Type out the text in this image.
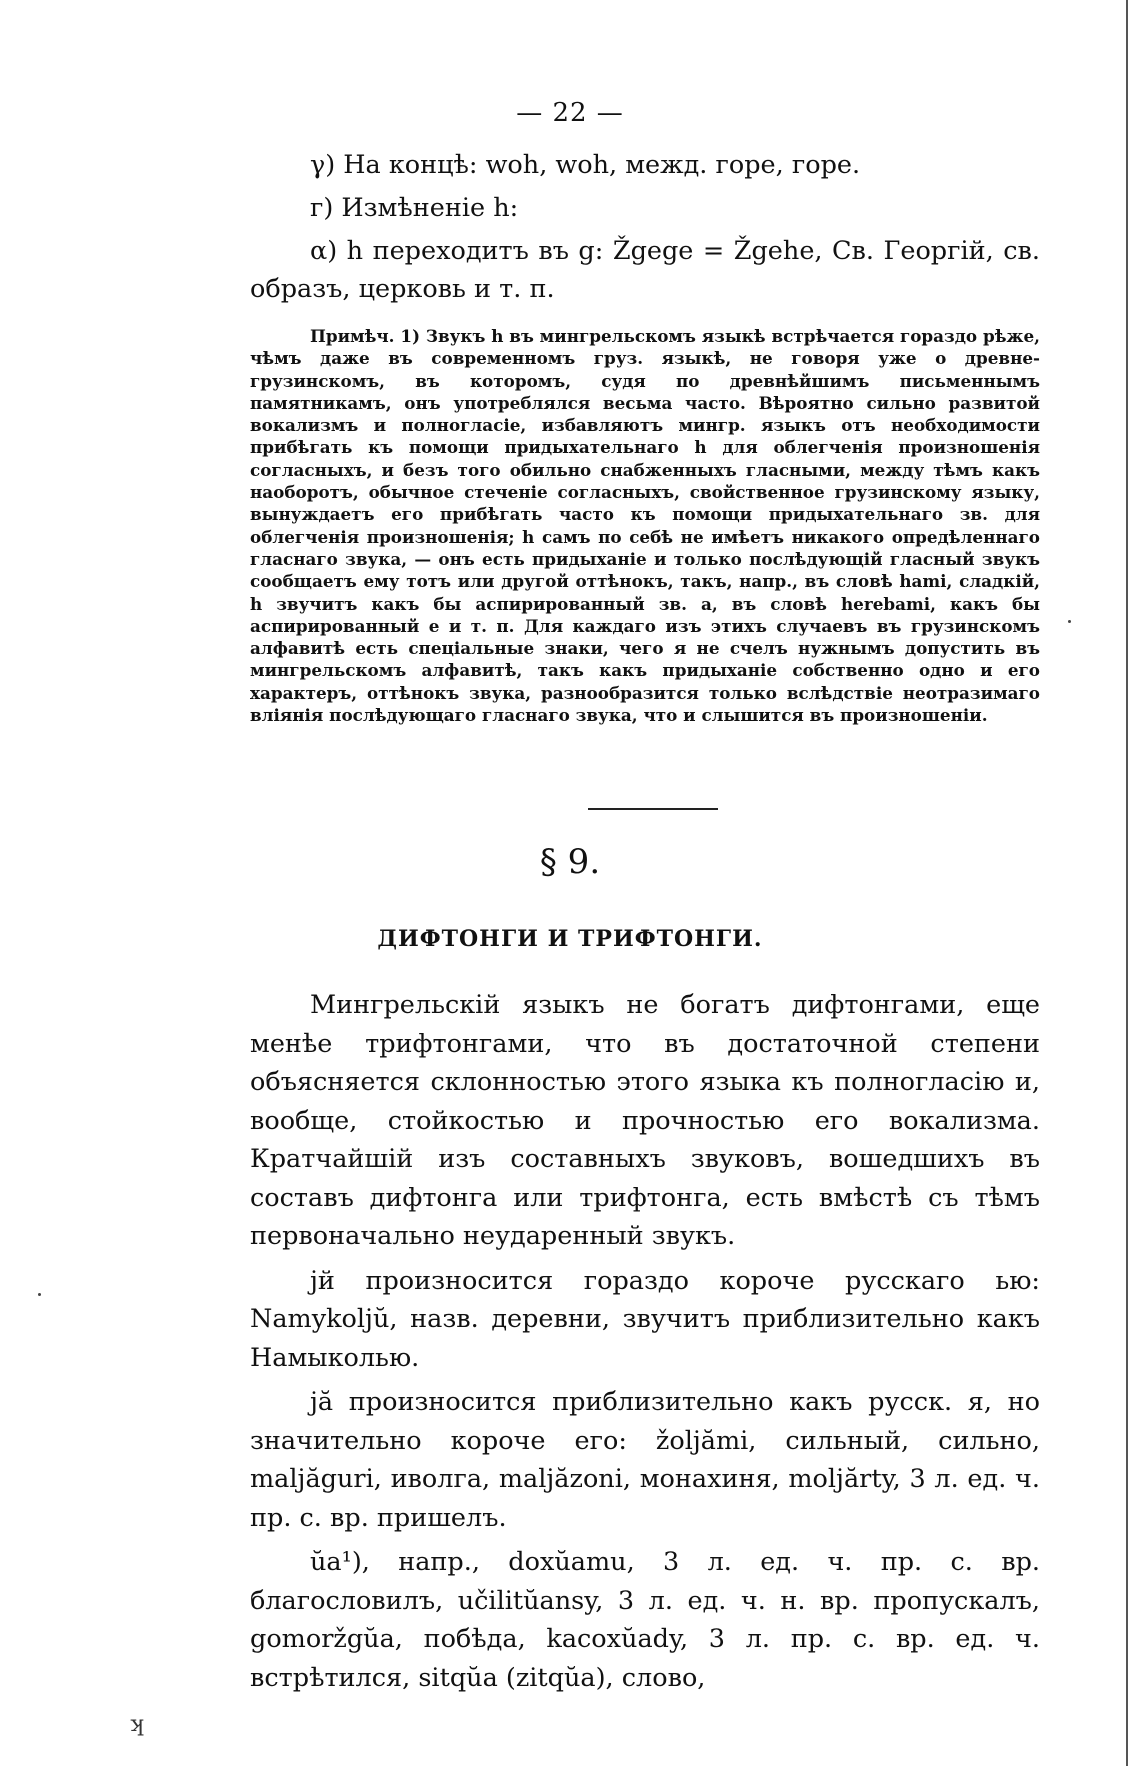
— 22 —

γ) На концѣ: woh, woh, межд. горе, горе.

г) Измѣненіе h:

α) h переходитъ въ g: Žgege = Žgehe, Св. Георгій, св. образъ, церковь и т. п.

Примѣч. 1) Звукъ h въ мингрельскомъ языкѣ встрѣчается гораздо рѣже, чѣмъ даже въ современномъ груз. языкѣ, не говоря уже о древне-грузинскомъ, въ которомъ, судя по древнѣйшимъ письменнымъ памятникамъ, онъ употреблялся весьма часто. Вѣроятно сильно развитой вокализмъ и полногласіе, избавляютъ мингр. языкъ отъ необходимости прибѣгать къ помощи придыхательнаго h для облегченія произношенія согласныхъ, и безъ того обильно снабженныхъ гласными, между тѣмъ какъ наоборотъ, обычное стеченіе согласныхъ, свойственное грузинскому языку, вынуждаетъ его прибѣгать часто къ помощи придыхательнаго зв. для облегченія произношенія; h самъ по себѣ не имѣетъ никакого опредѣленнаго гласнаго звука, — онъ есть придыханіе и только послѣдующій гласный звукъ сообщаетъ ему тотъ или другой оттѣнокъ, такъ, напр., въ словѣ hami, сладкій, h звучитъ какъ бы аспирированный зв. a, въ словѣ herebami, какъ бы аспирированный e и т. п. Для каждаго изъ этихъ случаевъ въ грузинскомъ алфавитѣ есть спеціальные знаки, чего я не счелъ нужнымъ допустить въ мингрельскомъ алфавитѣ, такъ какъ придыханіе собственно одно и его характеръ, оттѣнокъ звука, разнообразится только вслѣдствіе неотразимаго вліянія послѣдующаго гласнаго звука, что и слышится въ произношеніи.

§ 9.
ДИФТОНГИ И ТРИФТОНГИ.

Мингрельскій языкъ не богатъ дифтонгами, еще менѣе трифтонгами, что въ достаточной степени объясняется склонностью этого языка къ полногласію и, вообще, стойкостью и прочностью его вокализма. Кратчайшій изъ составныхъ звуковъ, вошедшихъ въ составъ дифтонга или трифтонга, есть вмѣстѣ съ тѣмъ первоначально неударенный звукъ.

jй произносится гораздо короче русскаго ью: Namykoljŭ, назв. деревни, звучитъ приблизительно какъ Намыколью.

jă произносится приблизительно какъ русск. я, но значительно короче его: žoljămi, сильный, сильно, maljăguri, иволга, maljăzoni, монахиня, moljărty, 3 л. ед. ч. пр. с. вр. пришелъ.

ŭa¹), напр., doxŭamu, 3 л. ед. ч. пр. с. вр. благословилъ, učilitŭansy, 3 л. ед. ч. н. вр. пропускалъ, gomoržgŭa, побѣда, kacoxŭady, 3 л. пр. с. вр. ед. ч. встрѣтился, sitqŭa (zitqŭa), слово,

ʞ
